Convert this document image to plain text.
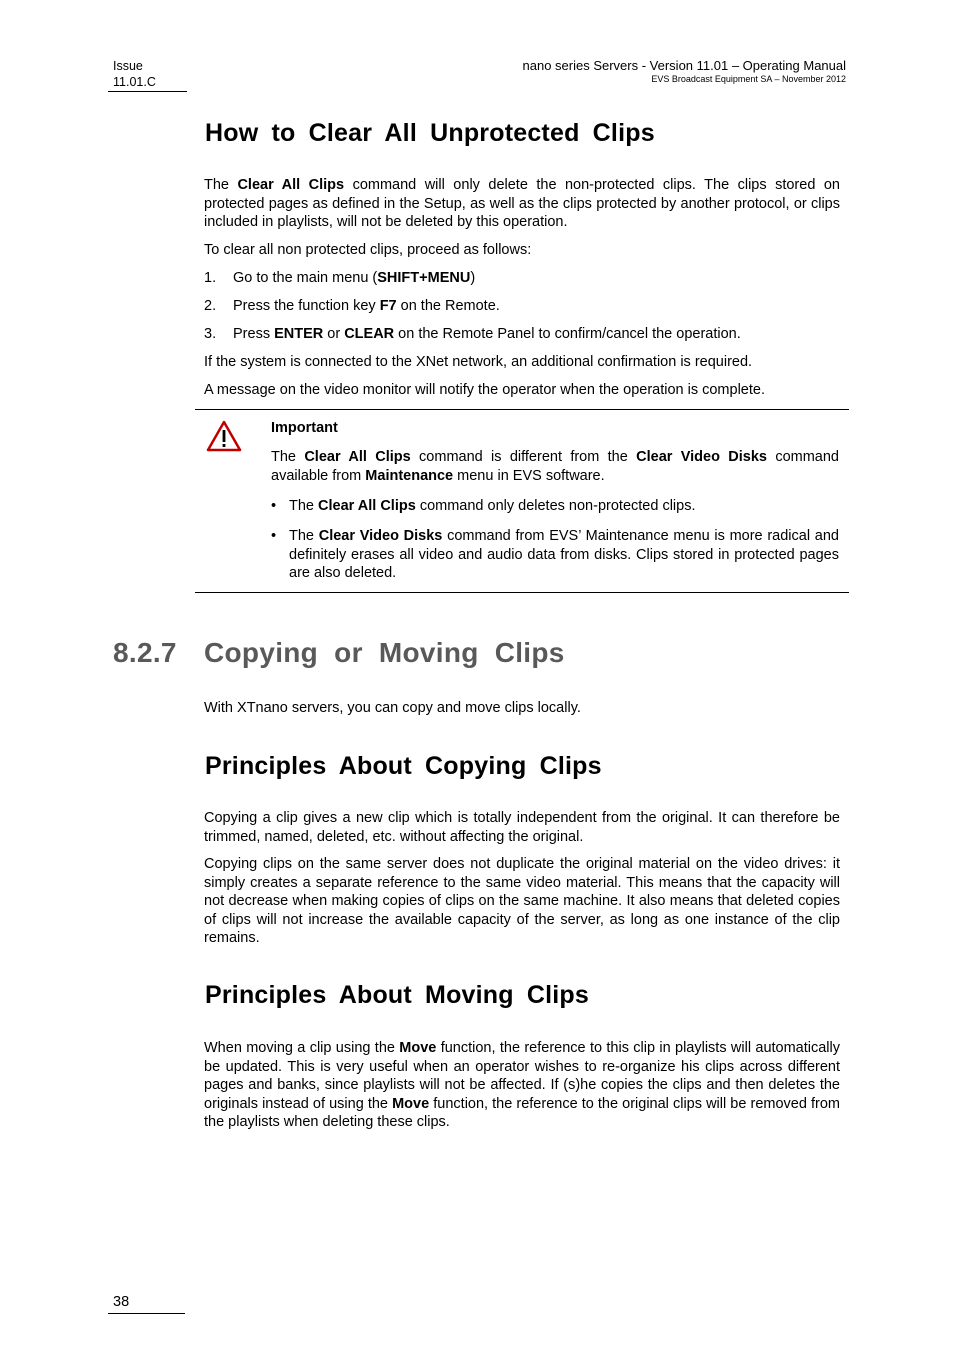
Issue
11.01.C
nano series Servers - Version 11.01 – Operating Manual
EVS Broadcast Equipment SA – November 2012
How to Clear All Unprotected Clips
The Clear All Clips command will only delete the non-protected clips. The clips stored on protected pages as defined in the Setup, as well as the clips protected by another protocol, or clips included in playlists, will not be deleted by this operation.
To clear all non protected clips, proceed as follows:
1. Go to the main menu (SHIFT+MENU)
2. Press the function key F7 on the Remote.
3. Press ENTER or CLEAR on the Remote Panel to confirm/cancel the operation.
If the system is connected to the XNet network, an additional confirmation is required.
A message on the video monitor will notify the operator when the operation is complete.
Important
The Clear All Clips command is different from the Clear Video Disks command available from Maintenance menu in EVS software.
• The Clear All Clips command only deletes non-protected clips.
• The Clear Video Disks command from EVS’ Maintenance menu is more radical and definitely erases all video and audio data from disks. Clips stored in protected pages are also deleted.
8.2.7 Copying or Moving Clips
With XTnano servers, you can copy and move clips locally.
Principles About Copying Clips
Copying a clip gives a new clip which is totally independent from the original. It can therefore be trimmed, named, deleted, etc. without affecting the original.
Copying clips on the same server does not duplicate the original material on the video drives: it simply creates a separate reference to the same video material. This means that the capacity will not decrease when making copies of clips on the same machine. It also means that deleted copies of clips will not increase the available capacity of the server, as long as one instance of the clip remains.
Principles About Moving Clips
When moving a clip using the Move function, the reference to this clip in playlists will automatically be updated. This is very useful when an operator wishes to re-organize his clips across different pages and banks, since playlists will not be affected. If (s)he copies the clips and then deletes the originals instead of using the Move function, the reference to the original clips will be removed from the playlists when deleting these clips.
38
